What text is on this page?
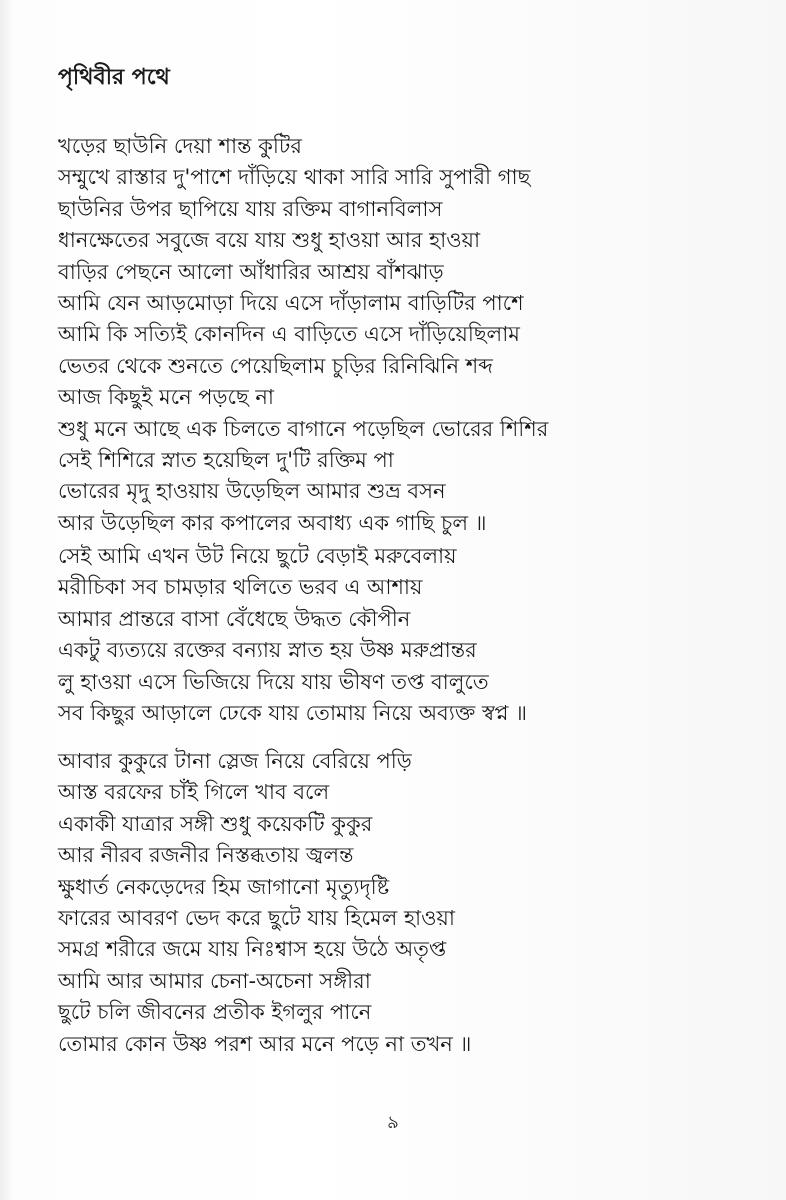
পৃথিবীর পথে
খড়ের ছাউনি দেয়া শান্ত কুটির
সম্মুখে রাস্তার দু'পাশে দাঁড়িয়ে থাকা সারি সারি সুপারী গাছ
ছাউনির উপর ছাপিয়ে যায় রক্তিম বাগানবিলাস
ধানক্ষেতের সবুজে বয়ে যায় শুধু হাওয়া আর হাওয়া
বাড়ির পেছনে আলো আঁধারির আশ্রয় বাঁশঝাড়
আমি যেন আড়মোড়া দিয়ে এসে দাঁড়ালাম বাড়িটির পাশে
আমি কি সত্যিই কোনদিন এ বাড়িতে এসে দাঁড়িয়েছিলাম
ভেতর থেকে শুনতে পেয়েছিলাম চুড়ির রিনিঝিনি শব্দ
আজ কিছুই মনে পড়ছে না
শুধু মনে আছে এক চিলতে বাগানে পড়েছিল ভোরের শিশির
সেই শিশিরে স্নাত হয়েছিল দু'টি রক্তিম পা
ভোরের মৃদু হাওয়ায় উড়েছিল আমার শুভ্র বসন
আর উড়েছিল কার কপালের অবাধ্য এক গাছি চুল ॥
সেই আমি এখন উট নিয়ে ছুটে বেড়াই মরুবেলায়
মরীচিকা সব চামড়ার থলিতে ভরব এ আশায়
আমার প্রান্তরে বাসা বেঁধেছে উদ্ধত কৌপীন
একটু ব্যত্যয়ে রক্তের বন্যায় স্নাত হয় উষ্ণ মরুপ্রান্তর
লু হাওয়া এসে ভিজিয়ে দিয়ে যায় ভীষণ তপ্ত বালুতে
সব কিছুর আড়ালে ঢেকে যায় তোমায় নিয়ে অব্যক্ত স্বপ্ন ॥
আবার কুকুরে টানা স্লেজ নিয়ে বেরিয়ে পড়ি
আস্ত বরফের চাঁই গিলে খাব বলে
একাকী যাত্রার সঙ্গী শুধু কয়েকটি কুকুর
আর নীরব রজনীর নিস্তব্ধতায় জ্বলন্ত
ক্ষুধার্ত নেকড়েদের হিম জাগানো মৃত্যুদৃষ্টি
ফারের আবরণ ভেদ করে ছুটে যায় হিমেল হাওয়া
সমগ্র শরীরে জমে যায় নিঃশ্বাস হয়ে উঠে অতৃপ্ত
আমি আর আমার চেনা-অচেনা সঙ্গীরা
ছুটে চলি জীবনের প্রতীক ইগলুর পানে
তোমার কোন উষ্ণ পরশ আর মনে পড়ে না তখন ॥
৯
